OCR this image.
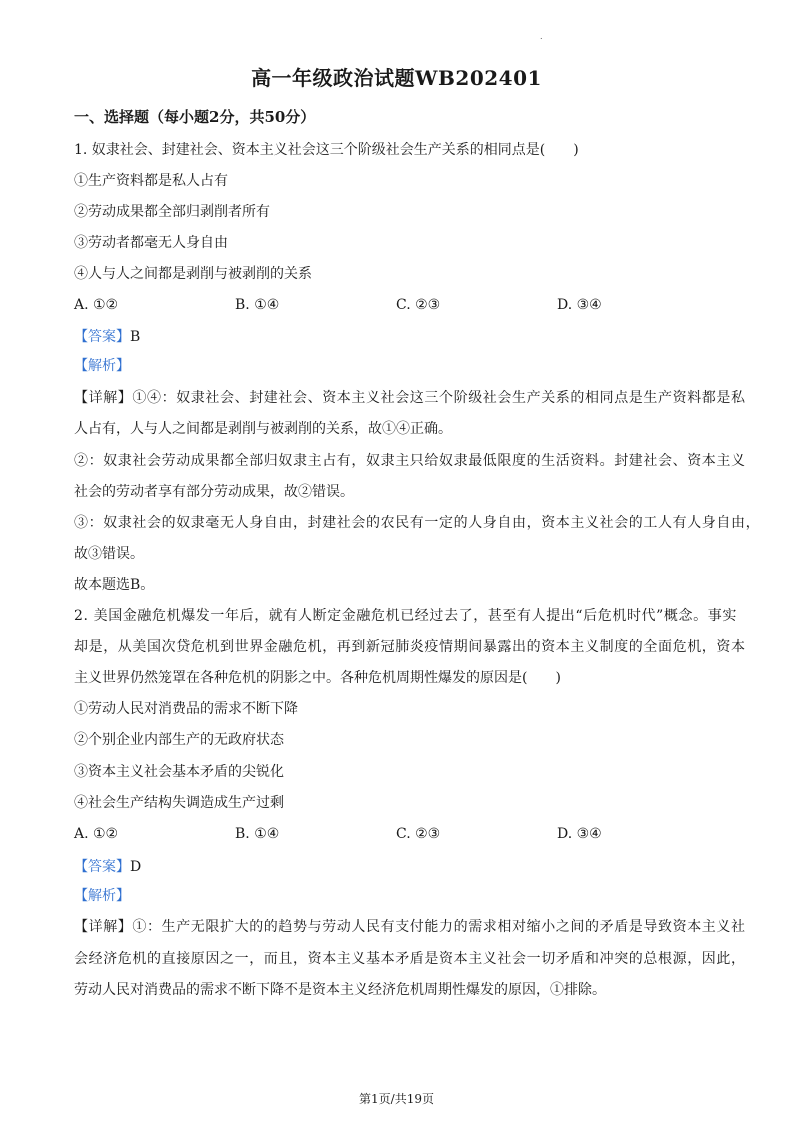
.
高一年级政治试题WB202401
一、选择题（每小题2分，共50分）
1. 奴隶社会、封建社会、资本主义社会这三个阶级社会生产关系的相同点是(　　)
①生产资料都是私人占有
②劳动成果都全部归剥削者所有
③劳动者都毫无人身自由
④人与人之间都是剥削与被剥削的关系
A. ①②	B. ①④	C. ②③	D. ③④
【答案】B
【解析】
【详解】①④：奴隶社会、封建社会、资本主义社会这三个阶级社会生产关系的相同点是生产资料都是私
人占有，人与人之间都是剥削与被剥削的关系，故①④正确。
②：奴隶社会劳动成果都全部归奴隶主占有，奴隶主只给奴隶最低限度的生活资料。封建社会、资本主义
社会的劳动者享有部分劳动成果，故②错误。
③：奴隶社会的奴隶毫无人身自由，封建社会的农民有一定的人身自由，资本主义社会的工人有人身自由，
故③错误。
故本题选B。
2. 美国金融危机爆发一年后，就有人断定金融危机已经过去了，甚至有人提出“后危机时代”概念。事实
却是，从美国次贷危机到世界金融危机，再到新冠肺炎疫情期间暴露出的资本主义制度的全面危机，资本
主义世界仍然笼罩在各种危机的阴影之中。各种危机周期性爆发的原因是(　　)
①劳动人民对消费品的需求不断下降
②个别企业内部生产的无政府状态
③资本主义社会基本矛盾的尖锐化
④社会生产结构失调造成生产过剩
A. ①②	B. ①④	C. ②③	D. ③④
【答案】D
【解析】
【详解】①：生产无限扩大的的趋势与劳动人民有支付能力的需求相对缩小之间的矛盾是导致资本主义社
会经济危机的直接原因之一，而且，资本主义基本矛盾是资本主义社会一切矛盾和冲突的总根源，因此，
劳动人民对消费品的需求不断下降不是资本主义经济危机周期性爆发的原因，①排除。
第1页/共19页
